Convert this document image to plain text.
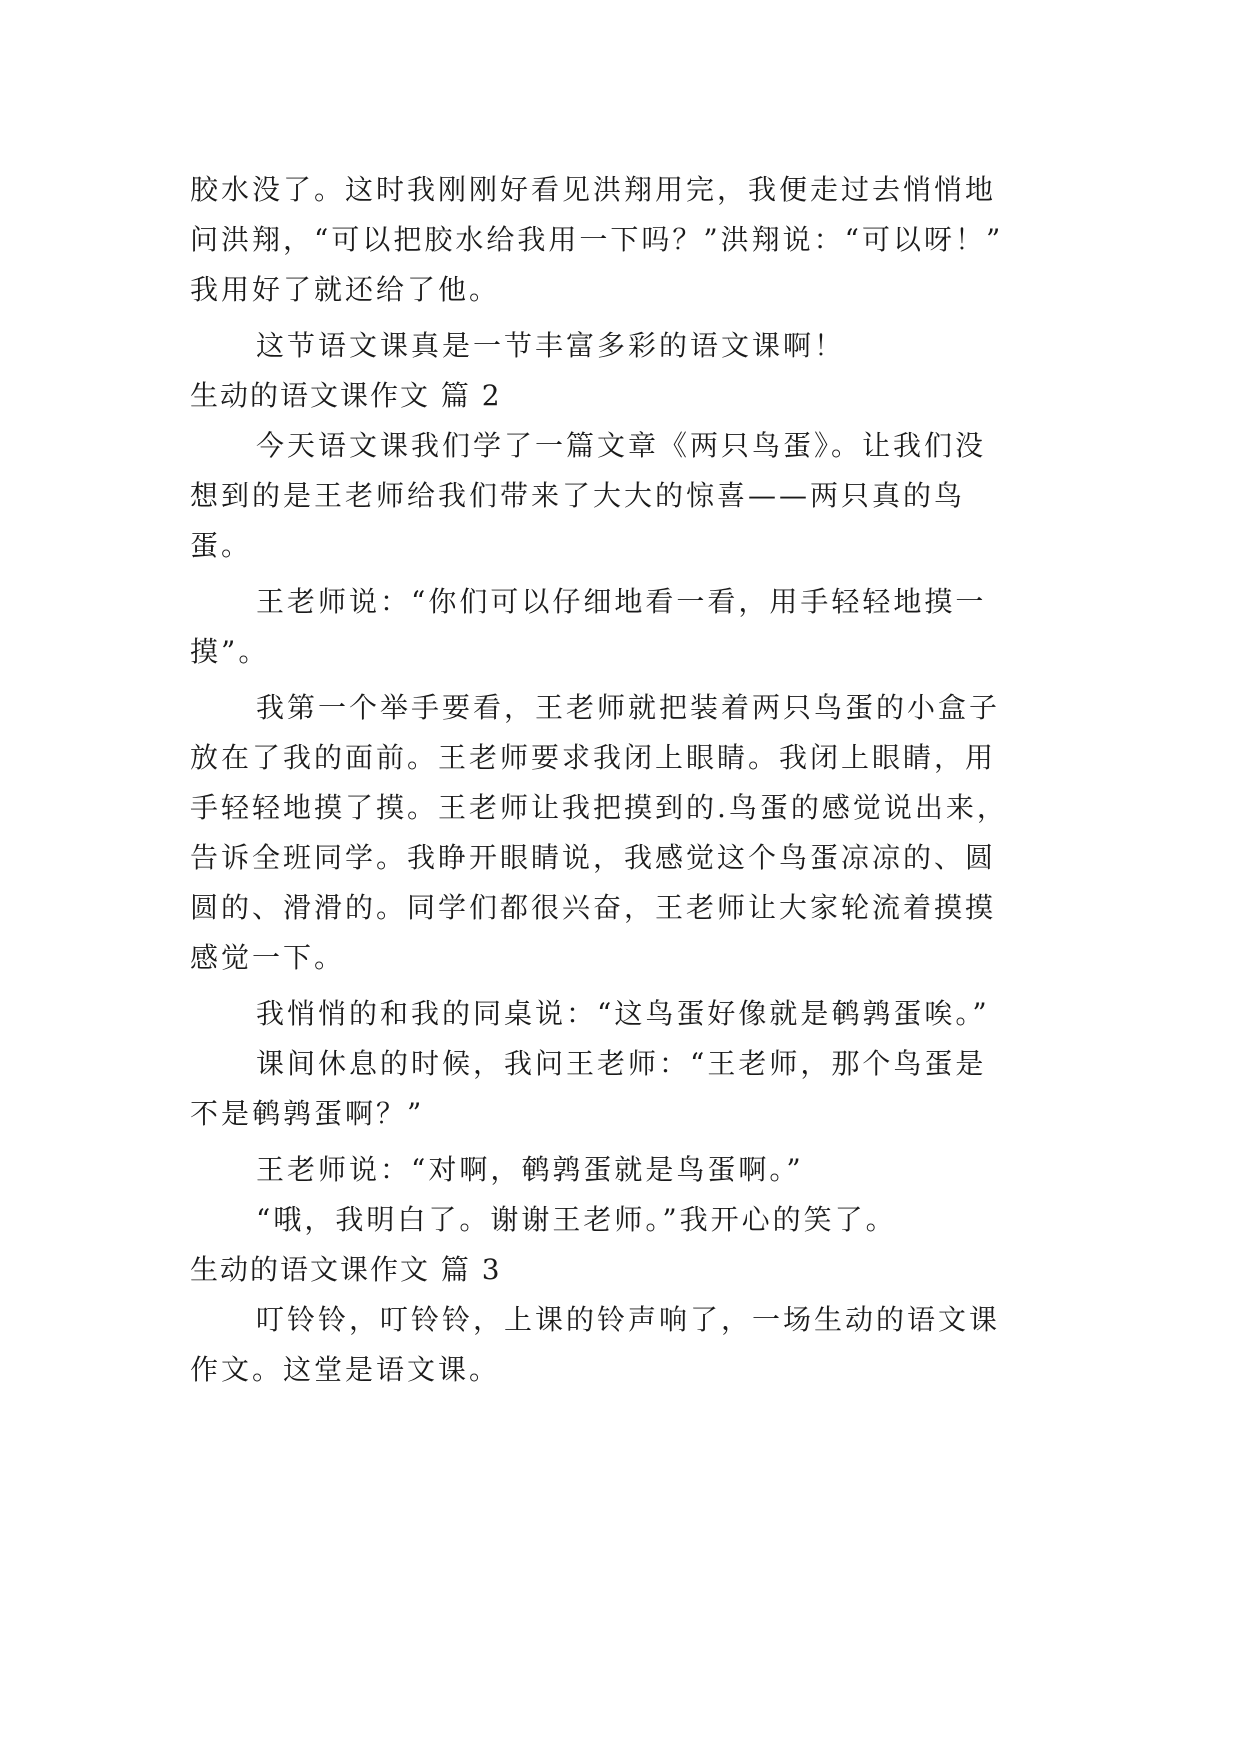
胶水没了。这时我刚刚好看见洪翔用完，我便走过去悄悄地

问洪翔，“可以把胶水给我用一下吗？”洪翔说：“可以呀！”

我用好了就还给了他。

这节语文课真是一节丰富多彩的语文课啊！

生动的语文课作文 篇 2

今天语文课我们学了一篇文章《两只鸟蛋》。让我们没

想到的是王老师给我们带来了大大的惊喜——两只真的鸟

蛋。

王老师说：“你们可以仔细地看一看，用手轻轻地摸一

摸”。

我第一个举手要看，王老师就把装着两只鸟蛋的小盒子

放在了我的面前。王老师要求我闭上眼睛。我闭上眼睛，用

手轻轻地摸了摸。王老师让我把摸到的.鸟蛋的感觉说出来，

告诉全班同学。我睁开眼睛说，我感觉这个鸟蛋凉凉的、圆

圆的、滑滑的。同学们都很兴奋，王老师让大家轮流着摸摸

感觉一下。

我悄悄的和我的同桌说：“这鸟蛋好像就是鹌鹑蛋唉。”

课间休息的时候，我问王老师：“王老师，那个鸟蛋是

不是鹌鹑蛋啊？”

王老师说：“对啊，鹌鹑蛋就是鸟蛋啊。”

“哦，我明白了。谢谢王老师。”我开心的笑了。

生动的语文课作文 篇 3

叮铃铃，叮铃铃，上课的铃声响了，一场生动的语文课

作文。这堂是语文课。
